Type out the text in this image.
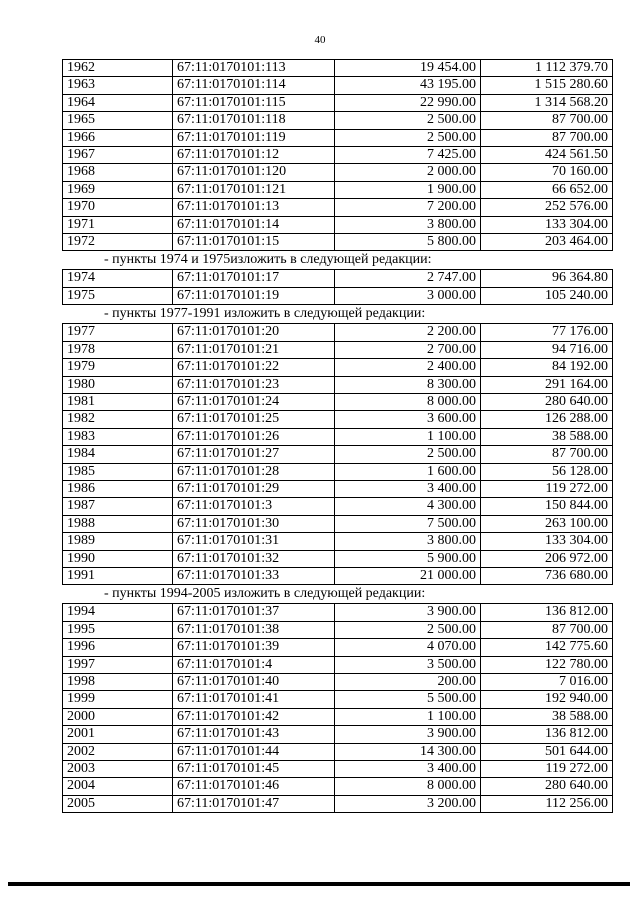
40
1962	67:11:0170101:113	19 454.00	1 112 379.70
1963	67:11:0170101:114	43 195.00	1 515 280.60
1964	67:11:0170101:115	22 990.00	1 314 568.20
1965	67:11:0170101:118	2 500.00	87 700.00
1966	67:11:0170101:119	2 500.00	87 700.00
1967	67:11:0170101:12	7 425.00	424 561.50
1968	67:11:0170101:120	2 000.00	70 160.00
1969	67:11:0170101:121	1 900.00	66 652.00
1970	67:11:0170101:13	7 200.00	252 576.00
1971	67:11:0170101:14	3 800.00	133 304.00
1972	67:11:0170101:15	5 800.00	203 464.00
- пункты 1974 и 1975изложить в следующей редакции:
1974	67:11:0170101:17	2 747.00	96 364.80
1975	67:11:0170101:19	3 000.00	105 240.00
- пункты 1977-1991 изложить в следующей редакции:
1977	67:11:0170101:20	2 200.00	77 176.00
1978	67:11:0170101:21	2 700.00	94 716.00
1979	67:11:0170101:22	2 400.00	84 192.00
1980	67:11:0170101:23	8 300.00	291 164.00
1981	67:11:0170101:24	8 000.00	280 640.00
1982	67:11:0170101:25	3 600.00	126 288.00
1983	67:11:0170101:26	1 100.00	38 588.00
1984	67:11:0170101:27	2 500.00	87 700.00
1985	67:11:0170101:28	1 600.00	56 128.00
1986	67:11:0170101:29	3 400.00	119 272.00
1987	67:11:0170101:3	4 300.00	150 844.00
1988	67:11:0170101:30	7 500.00	263 100.00
1989	67:11:0170101:31	3 800.00	133 304.00
1990	67:11:0170101:32	5 900.00	206 972.00
1991	67:11:0170101:33	21 000.00	736 680.00
- пункты 1994-2005 изложить в следующей редакции:
1994	67:11:0170101:37	3 900.00	136 812.00
1995	67:11:0170101:38	2 500.00	87 700.00
1996	67:11:0170101:39	4 070.00	142 775.60
1997	67:11:0170101:4	3 500.00	122 780.00
1998	67:11:0170101:40	200.00	7 016.00
1999	67:11:0170101:41	5 500.00	192 940.00
2000	67:11:0170101:42	1 100.00	38 588.00
2001	67:11:0170101:43	3 900.00	136 812.00
2002	67:11:0170101:44	14 300.00	501 644.00
2003	67:11:0170101:45	3 400.00	119 272.00
2004	67:11:0170101:46	8 000.00	280 640.00
2005	67:11:0170101:47	3 200.00	112 256.00
